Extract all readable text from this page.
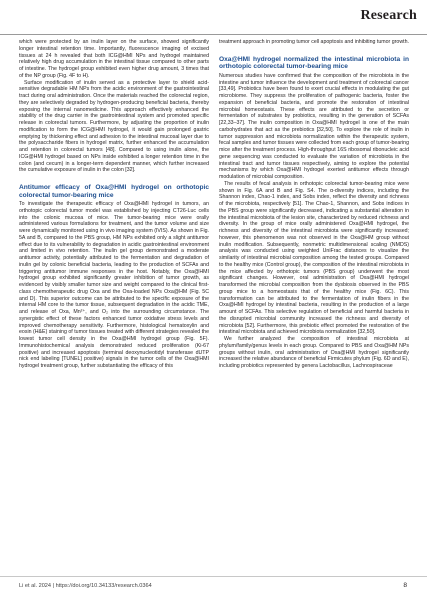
Research

which were protected by an inulin layer on the surface, showed significantly longer intestinal retention time. Importantly, fluorescence imaging of excised tissues at 24 h revealed that both ICG@HMI NPs and hydrogel maintained relatively high drug accumulation in the intestinal tissue compared to other parts of intestine. The hydrogel group exhibited even higher drug amount, 3 times that of the NP group (Fig. 4F to H).

Surface modification of inulin served as a protective layer to shield acid-sensitive degradable HM NPs from the acidic environment of the gastrointestinal tract during oral administration. Once the materials reached the colorectal region, they are selectively degraded by hydrogen-producing beneficial bacteria, thereby exposing the internal nanomedicine. This approach effectively enhanced the stability of the drug carrier in the gastrointestinal system and promoted specific release in colorectal tumors. Furthermore, by adjusting the proportion of inulin modification to form the ICG@HMI hydrogel, it would gain prolonged gastric emptying by thickening effect and adhesion to the intestinal mucosal layer due to the polysaccharide fibers in hydrogel matrix, further enhanced the accumulation and retention in colorectal tumors [48]. Compared to using inulin alone, the ICG@HMI hydrogel based on NPs inside exhibited a longer retention time in the colon (and cecum) in a longer-term dependent manner, which further increased the cumulative exposure of inulin in the colon [32].

Antitumor efficacy of Oxa@HMI hydrogel on orthotopic colorectal tumor-bearing mice

To investigate the therapeutic efficacy of Oxa@HMI hydrogel in tumors, an orthotopic colorectal tumor model was established by injecting CT26-Luc cells into the colonic mucosa of mice. The tumor-bearing mice were orally administered various formulations for treatment, and the tumor volume and size were dynamically monitored using in vivo imaging system (IVIS). As shown in Fig. 5A and B, compared to the PBS group, HM NPs exhibited only a slight antitumor effect due to its vulnerability to degradation in acidic gastrointestinal environment and limited in vivo retention. The inulin gel group demonstrated a moderate antitumor activity, potentially attributed to the fermentation and degradation of inulin gel by colonic beneficial bacteria, leading to the production of SCFAs and triggering antitumor immune responses in the host. Notably, the Oxa@HMI hydrogel group exhibited significantly greater inhibition of tumor growth, as evidenced by visibly smaller tumor size and weight compared to the clinical first-class chemotherapeutic drug Oxa and the Oxa-loaded NPs Oxa@HM (Fig. 5C and D). This superior outcome can be attributed to the specific exposure of the internal HM core to the tumor tissue, subsequent degradation in the acidic TME, and release of Oxa, Mn²⁺, and O₂ into the surrounding circumstance. The synergistic effect of these factors enhanced tumor oxidative stress levels and improved chemotherapy sensitivity. Furthermore, histological hematoxylin and eosin (H&E) staining of tumor tissues treated with different strategies revealed the lowest tumor cell density in the Oxa@HMI hydrogel group (Fig. 5F). Immunohistochemical analysis demonstrated reduced proliferation (Ki-67 positive) and increased apoptosis (terminal deoxynucleotidyl transferase dUTP nick end labeling [TUNEL] positive) signals in the tumor cells of the Oxa@HMI hydrogel treatment group, further substantiating the efficacy of this

treatment approach in promoting tumor cell apoptosis and inhibiting tumor growth.

Oxa@HMI hydrogel normalized the intestinal microbiota in orthotopic colorectal tumor-bearing mice

Numerous studies have confirmed that the composition of the microbiota in the intestine and tumor influence the development and treatment of colorectal cancer [33,49]. Probiotics have been found to exert crucial effects in modulating the gut microbiome. They suppress the proliferation of pathogenic bacteria, foster the expansion of beneficial bacteria, and promote the restoration of intestinal microbial homeostasis. These effects are attributed to the secretion or fermentation of substrates by probiotics, resulting in the generation of SCFAs [22,33–37]. The inulin composition in Oxa@HMI hydrogel is one of the main carbohydrates that act as the prebiotics [32,50]. To explore the role of inulin in tumor suppression and microbiota normalization within the therapeutic system, fecal samples and tumor tissues were collected from each group of tumor-bearing mice after the treatment process. High-throughput 16S ribosomal ribonucleic acid gene sequencing was conducted to evaluate the variation of microbiota in the intestinal tract and tumor tissues respectively, aiming to explore the potential mechanisms by which Oxa@HMI hydrogel exerted antitumor effects through modulation of microbial composition.

The results of fecal analysis in orthotopic colorectal tumor-bearing mice were shown in Fig. 6A and B and Fig. S4. The α-diversity indices, including the Shannon index, Chao-1 index, and Sobs index, reflect the diversity and richness of the microbiota, respectively [51]. The Chao-1, Shannon, and Sobs indices in the PBS group were significantly decreased, indicating a substantial alteration in the intestinal microbiota of the lesion site, characterized by reduced richness and diversity. In the group of mice orally administered Oxa@HMI hydrogel, the richness and diversity of the intestinal microbiota were significantly increased; however, this phenomenon was not observed in the Oxa@HM group without inulin modification. Subsequently, nonmetric multidimensional scaling (NMDS) analysis was conducted using weighted UniFrac distances to visualize the similarity of intestinal microbial composition among the tested groups. Compared to the healthy mice (Control group), the composition of the intestinal microbiota in the mice affected by orthotopic tumors (PBS group) underwent the most significant changes. However, oral administration of Oxa@HMI hydrogel transformed the microbial composition from the dysbiosis observed in the PBS group mice to a homeostasis that of the healthy mice (Fig. 6C). This transformation can be attributed to the fermentation of inulin fibers in the Oxa@HMI hydrogel by intestinal bacteria, resulting in the production of a large amount of SCFAs. This selective regulation of beneficial and harmful bacteria in the disrupted microbial community increased the richness and diversity of microbiota [52]. Furthermore, this prebiotic effect promoted the restoration of the intestinal microbiota and achieved microbiota normalization [32,50].

We further analyzed the composition of intestinal microbiota at phylum/family/genus levels in each group. Compared to PBS and Oxa@HM NPs groups without inulin, oral administration of Oxa@HMI hydrogel significantly increased the relative abundance of beneficial Firmicutes phylum (Fig. 6D and E), including probiotics represented by genera Lactobacillus, Lachnospiraceae

Li et al. 2024 | https://doi.org/10.34133/research.0364	8
